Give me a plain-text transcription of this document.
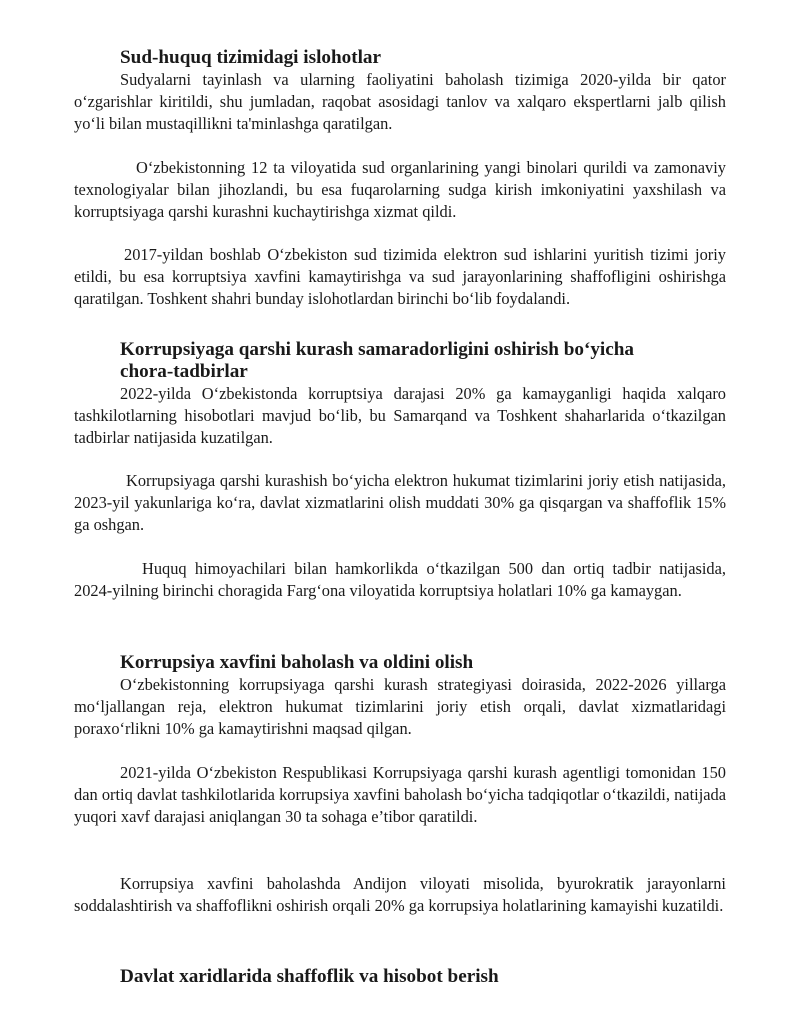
Sud-huquq tizimidagi islohotlar

Sudyalarni tayinlash va ularning faoliyatini baholash tizimiga 2020-yilda bir qator o‘zgarishlar kiritildi, shu jumladan, raqobat asosidagi tanlov va xalqaro ekspertlarni jalb qilish yo‘li bilan mustaqillikni ta'minlashga qaratilgan.

O‘zbekistonning 12 ta viloyatida sud organlarining yangi binolari qurildi va zamonaviy texnologiyalar bilan jihozlandi, bu esa fuqarolarning sudga kirish imkoniyatini yaxshilash va korruptsiyaga qarshi kurashni kuchaytirishga xizmat qildi.

2017-yildan boshlab O‘zbekiston sud tizimida elektron sud ishlarini yuritish tizimi joriy etildi, bu esa korruptsiya xavfini kamaytirishga va sud jarayonlarining shaffofligini oshirishga qaratilgan. Toshkent shahri bunday islohotlardan birinchi bo‘lib foydalandi.

Korrupsiyaga qarshi kurash samaradorligini oshirish bo‘yicha chora-tadbirlar

2022-yilda O‘zbekistonda korruptsiya darajasi 20% ga kamayganligi haqida xalqaro tashkilotlarning hisobotlari mavjud bo‘lib, bu Samarqand va Toshkent shaharlarida o‘tkazilgan tadbirlar natijasida kuzatilgan.

Korrupsiyaga qarshi kurashish bo‘yicha elektron hukumat tizimlarini joriy etish natijasida, 2023-yil yakunlariga ko‘ra, davlat xizmatlarini olish muddati 30% ga qisqargan va shaffoflik 15% ga oshgan.

Huquq himoyachilari bilan hamkorlikda o‘tkazilgan 500 dan ortiq tadbir natijasida, 2024-yilning birinchi choragida Farg‘ona viloyatida korruptsiya holatlari 10% ga kamaygan.

Korrupsiya xavfini baholash va oldini olish

O‘zbekistonning korrupsiyaga qarshi kurash strategiyasi doirasida, 2022-2026 yillarga mo‘ljallangan reja, elektron hukumat tizimlarini joriy etish orqali, davlat xizmatlaridagi poraxo‘rlikni 10% ga kamaytirishni maqsad qilgan.

2021-yilda O‘zbekiston Respublikasi Korrupsiyaga qarshi kurash agentligi tomonidan 150 dan ortiq davlat tashkilotlarida korrupsiya xavfini baholash bo‘yicha tadqiqotlar o‘tkazildi, natijada yuqori xavf darajasi aniqlangan 30 ta sohaga e’tibor qaratildi.

Korrupsiya xavfini baholashda Andijon viloyati misolida, byurokratik jarayonlarni soddalashtirish va shaffoflikni oshirish orqali 20% ga korrupsiya holatlarining kamayishi kuzatildi.

Davlat xaridlarida shaffoflik va hisobot berish
